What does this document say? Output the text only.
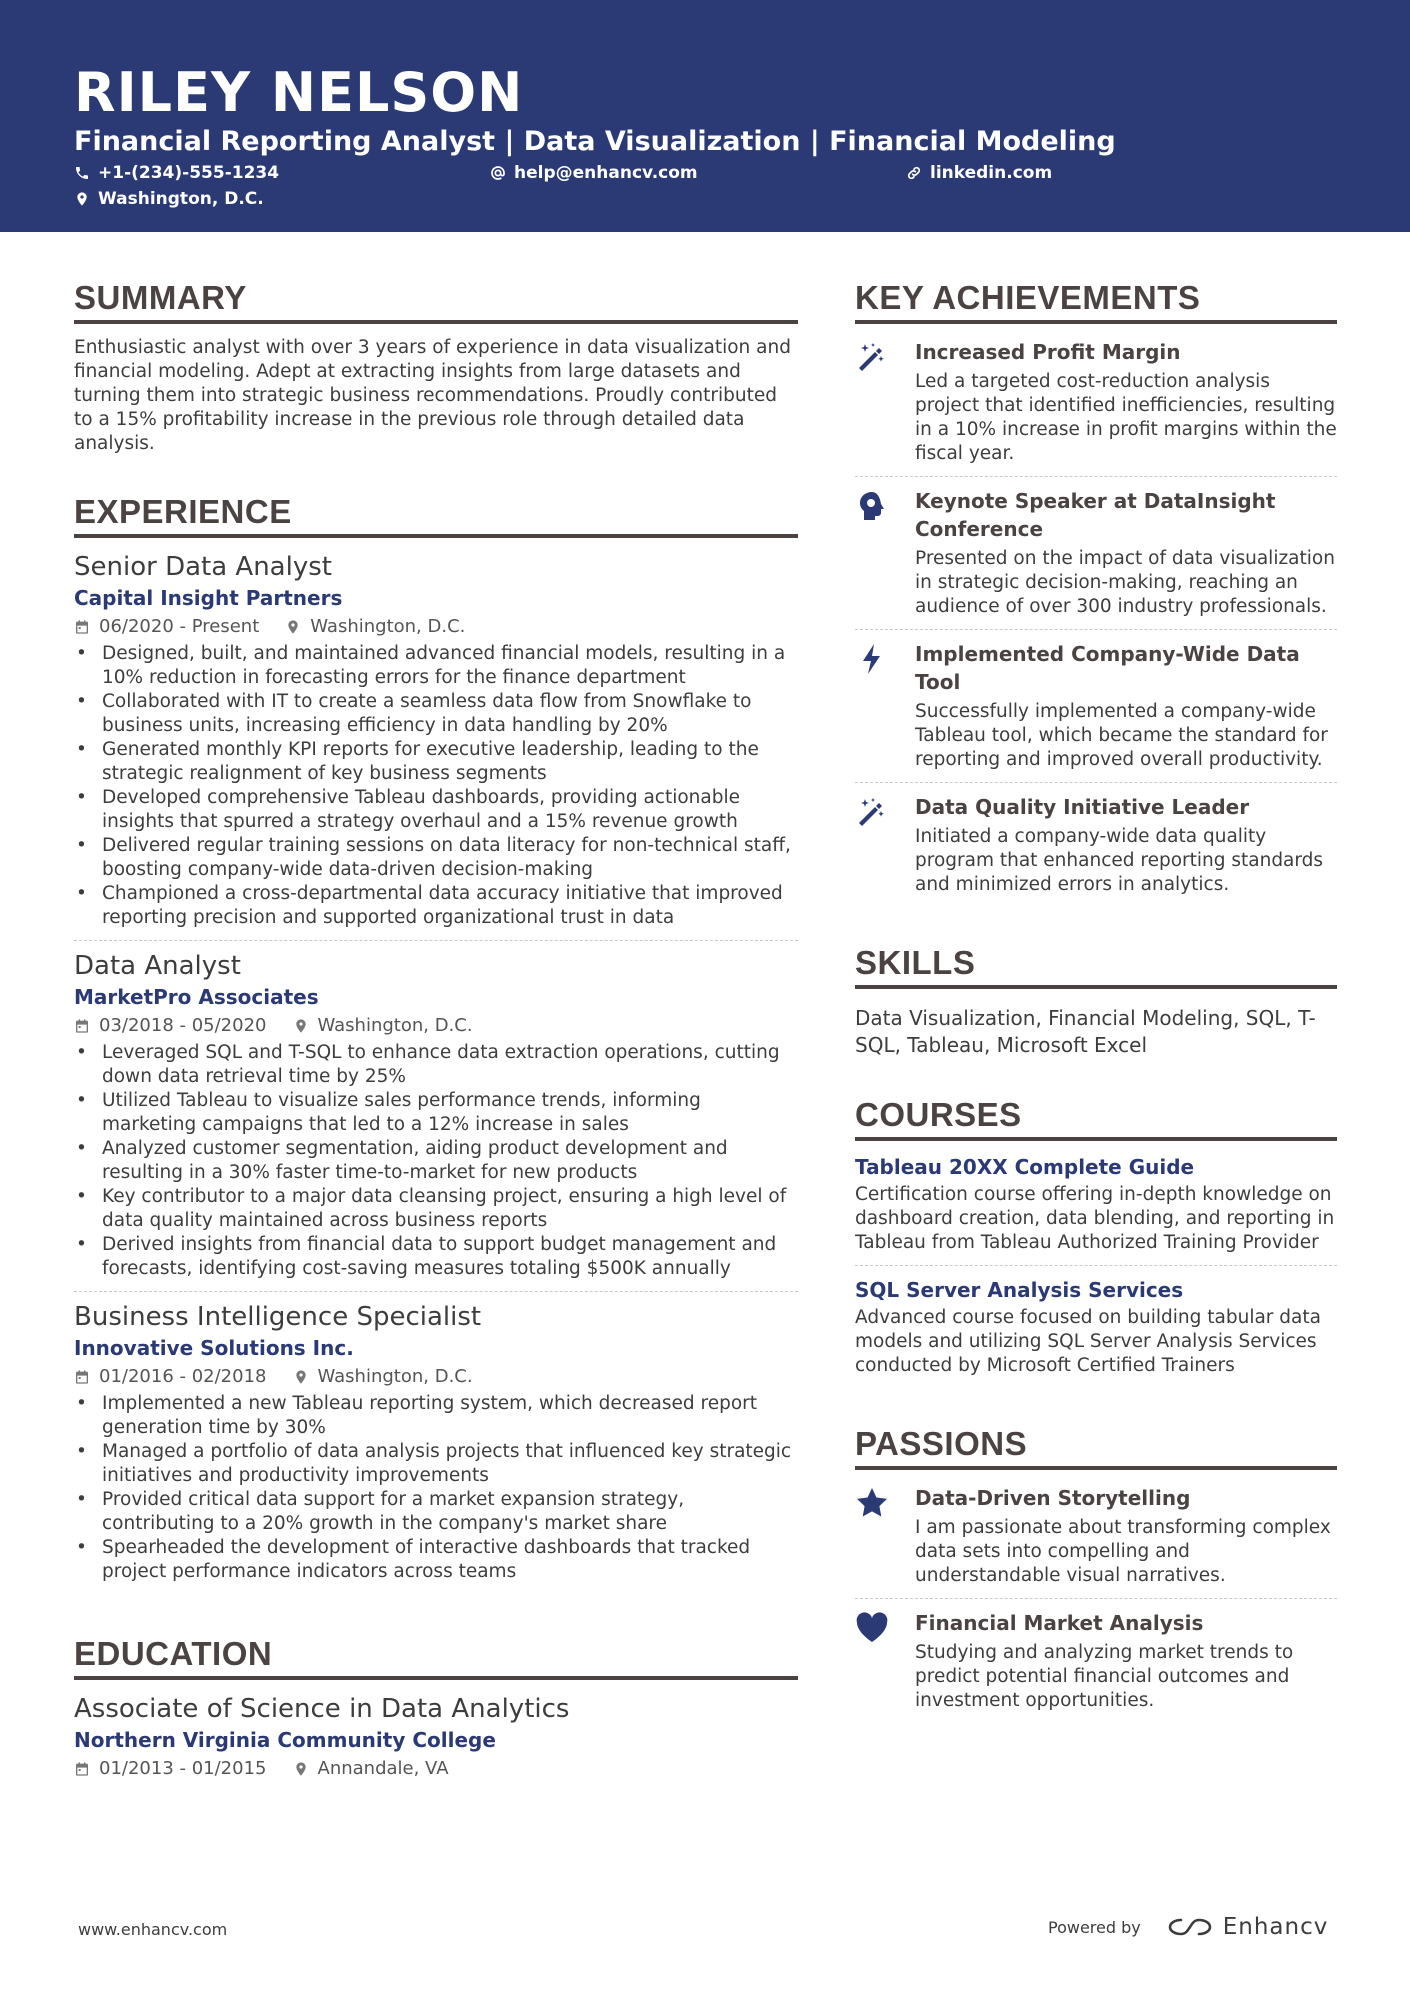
RILEY NELSON
Financial Reporting Analyst | Data Visualization | Financial Modeling
+1-(234)-555-1234	help@enhancv.com	linkedin.com
Washington, D.C.
SUMMARY
Enthusiastic analyst with over 3 years of experience in data visualization and financial modeling. Adept at extracting insights from large datasets and turning them into strategic business recommendations. Proudly contributed to a 15% profitability increase in the previous role through detailed data analysis.
EXPERIENCE
Senior Data Analyst
Capital Insight Partners
06/2020 - Present	Washington, D.C.
• Designed, built, and maintained advanced financial models, resulting in a 10% reduction in forecasting errors for the finance department
• Collaborated with IT to create a seamless data flow from Snowflake to business units, increasing efficiency in data handling by 20%
• Generated monthly KPI reports for executive leadership, leading to the strategic realignment of key business segments
• Developed comprehensive Tableau dashboards, providing actionable insights that spurred a strategy overhaul and a 15% revenue growth
• Delivered regular training sessions on data literacy for non-technical staff, boosting company-wide data-driven decision-making
• Championed a cross-departmental data accuracy initiative that improved reporting precision and supported organizational trust in data
Data Analyst
MarketPro Associates
03/2018 - 05/2020	Washington, D.C.
• Leveraged SQL and T-SQL to enhance data extraction operations, cutting down data retrieval time by 25%
• Utilized Tableau to visualize sales performance trends, informing marketing campaigns that led to a 12% increase in sales
• Analyzed customer segmentation, aiding product development and resulting in a 30% faster time-to-market for new products
• Key contributor to a major data cleansing project, ensuring a high level of data quality maintained across business reports
• Derived insights from financial data to support budget management and forecasts, identifying cost-saving measures totaling $500K annually
Business Intelligence Specialist
Innovative Solutions Inc.
01/2016 - 02/2018	Washington, D.C.
• Implemented a new Tableau reporting system, which decreased report generation time by 30%
• Managed a portfolio of data analysis projects that influenced key strategic initiatives and productivity improvements
• Provided critical data support for a market expansion strategy, contributing to a 20% growth in the company's market share
• Spearheaded the development of interactive dashboards that tracked project performance indicators across teams
EDUCATION
Associate of Science in Data Analytics
Northern Virginia Community College
01/2013 - 01/2015	Annandale, VA
KEY ACHIEVEMENTS
Increased Profit Margin
Led a targeted cost-reduction analysis project that identified inefficiencies, resulting in a 10% increase in profit margins within the fiscal year.
Keynote Speaker at DataInsight Conference
Presented on the impact of data visualization in strategic decision-making, reaching an audience of over 300 industry professionals.
Implemented Company-Wide Data Tool
Successfully implemented a company-wide Tableau tool, which became the standard for reporting and improved overall productivity.
Data Quality Initiative Leader
Initiated a company-wide data quality program that enhanced reporting standards and minimized errors in analytics.
SKILLS
Data Visualization, Financial Modeling, SQL, T-SQL, Tableau, Microsoft Excel
COURSES
Tableau 20XX Complete Guide
Certification course offering in-depth knowledge on dashboard creation, data blending, and reporting in Tableau from Tableau Authorized Training Provider
SQL Server Analysis Services
Advanced course focused on building tabular data models and utilizing SQL Server Analysis Services conducted by Microsoft Certified Trainers
PASSIONS
Data-Driven Storytelling
I am passionate about transforming complex data sets into compelling and understandable visual narratives.
Financial Market Analysis
Studying and analyzing market trends to predict potential financial outcomes and investment opportunities.
www.enhancv.com	Powered by	Enhancv
